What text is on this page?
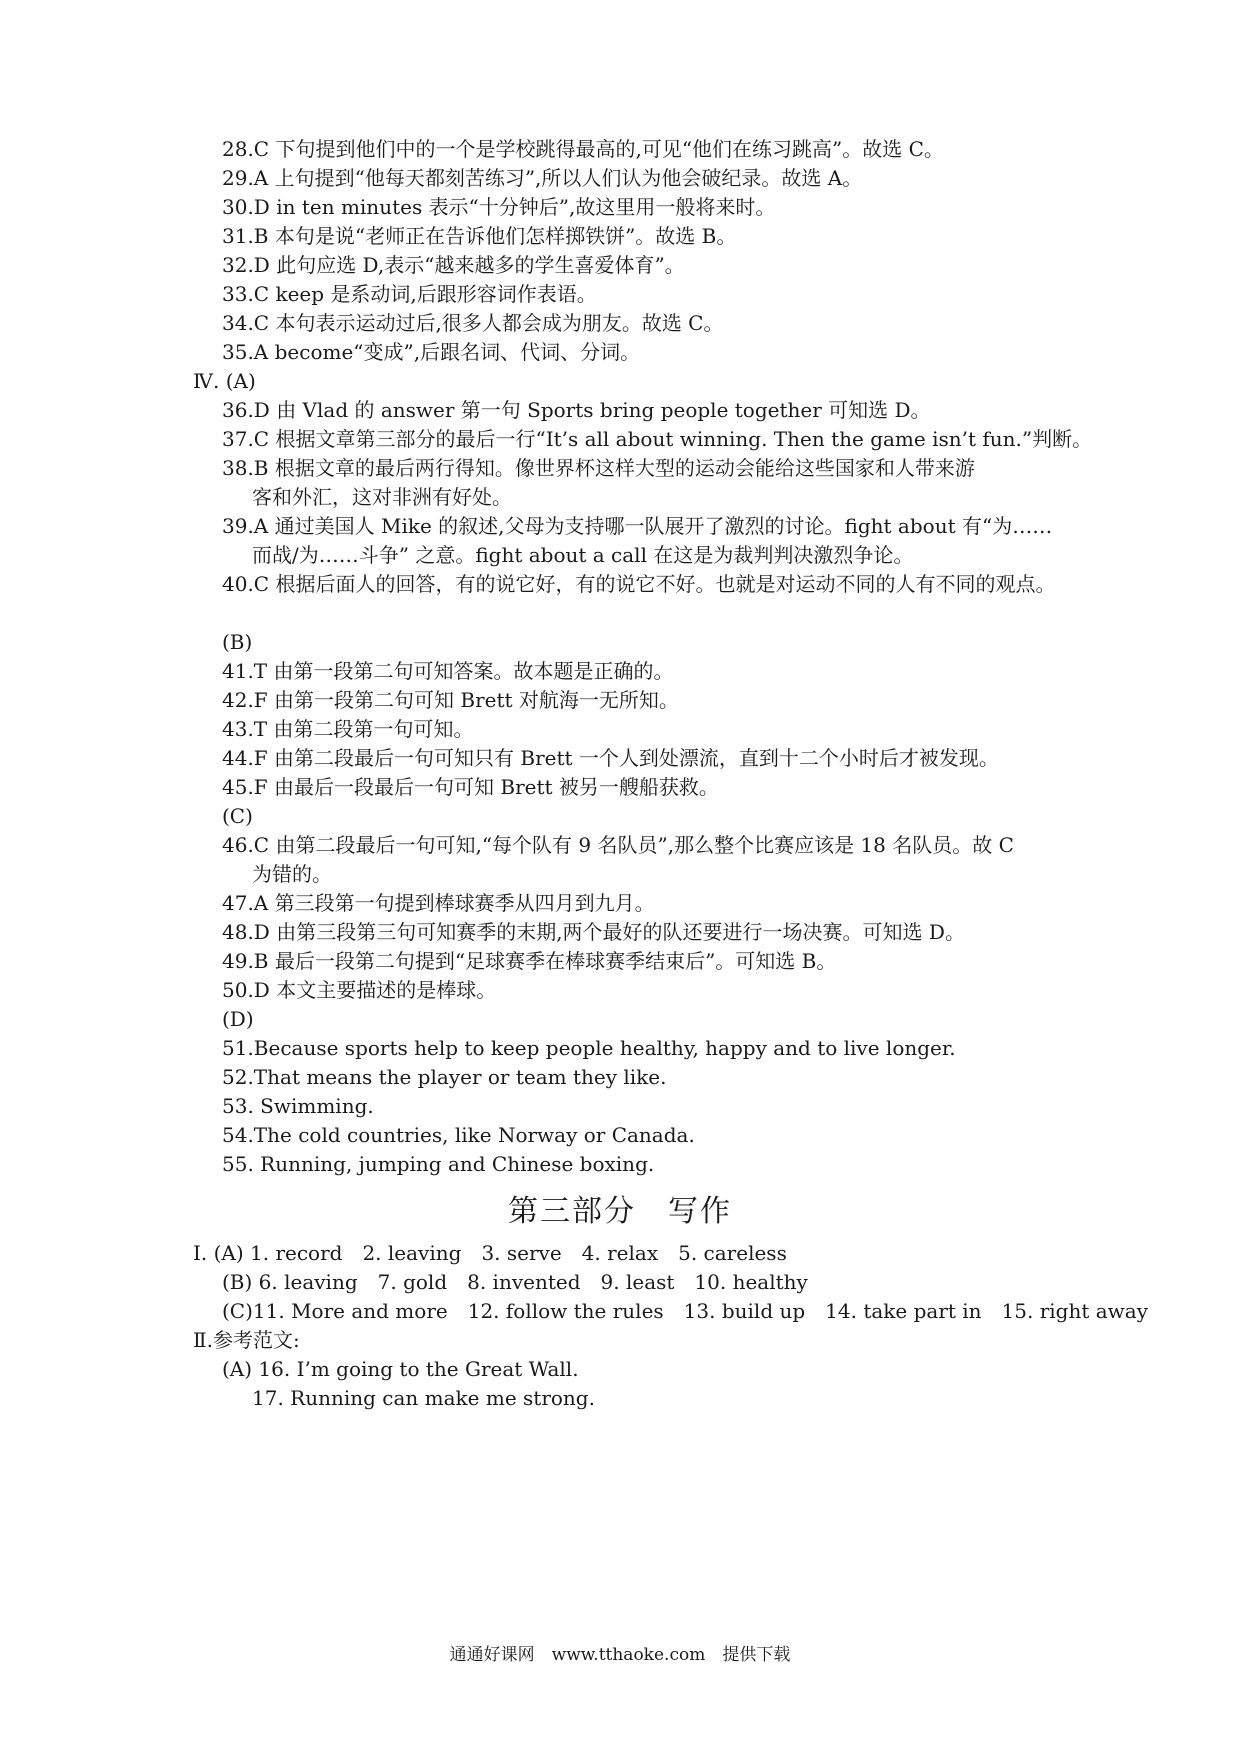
28.C 下句提到他们中的一个是学校跳得最高的,可见“他们在练习跳高”。故选 C。
29.A 上句提到“他每天都刻苦练习”,所以人们认为他会破纪录。故选 A。
30.D in ten minutes 表示“十分钟后”,故这里用一般将来时。
31.B 本句是说“老师正在告诉他们怎样掷铁饼”。故选 B。
32.D 此句应选 D,表示“越来越多的学生喜爱体育”。
33.C keep 是系动词,后跟形容词作表语。
34.C 本句表示运动过后,很多人都会成为朋友。故选 C。
35.A become“变成”,后跟名词、代词、分词。
Ⅳ. (A)
36.D 由 Vlad 的 answer 第一句 Sports bring people together 可知选 D。
37.C 根据文章第三部分的最后一行“It’s all about winning. Then the game isn’t fun.”判断。
38.B 根据文章的最后两行得知。像世界杯这样大型的运动会能给这些国家和人带来游
客和外汇，这对非洲有好处。
39.A 通过美国人 Mike 的叙述,父母为支持哪一队展开了激烈的讨论。fight about 有“为……
而战/为……斗争” 之意。fight about a call 在这是为裁判判决激烈争论。
40.C 根据后面人的回答，有的说它好，有的说它不好。也就是对运动不同的人有不同的观点。
(B)
41.T 由第一段第二句可知答案。故本题是正确的。
42.F 由第一段第二句可知 Brett 对航海一无所知。
43.T 由第二段第一句可知。
44.F 由第二段最后一句可知只有 Brett 一个人到处漂流，直到十二个小时后才被发现。
45.F 由最后一段最后一句可知 Brett 被另一艘船获救。
(C)
46.C 由第二段最后一句可知,“每个队有 9 名队员”,那么整个比赛应该是 18 名队员。故 C
为错的。
47.A 第三段第一句提到棒球赛季从四月到九月。
48.D 由第三段第三句可知赛季的末期,两个最好的队还要进行一场决赛。可知选 D。
49.B 最后一段第二句提到“足球赛季在棒球赛季结束后”。可知选 B。
50.D 本文主要描述的是棒球。
(D)
51.Because sports help to keep people healthy, happy and to live longer.
52.That means the player or team they like.
53. Swimming.
54.The cold countries, like Norway or Canada.
55. Running, jumping and Chinese boxing.
第三部分　写作
Ⅰ. (A) 1. record　2. leaving　3. serve　4. relax　5. careless
(B) 6. leaving　7. gold　8. invented　9. least　10. healthy
(C)11. More and more　12. follow the rules　13. build up　14. take part in　15. right away
Ⅱ.参考范文:
(A) 16. I’m going to the Great Wall.
17. Running can make me strong.
通通好课网　www.tthaoke.com　提供下载
